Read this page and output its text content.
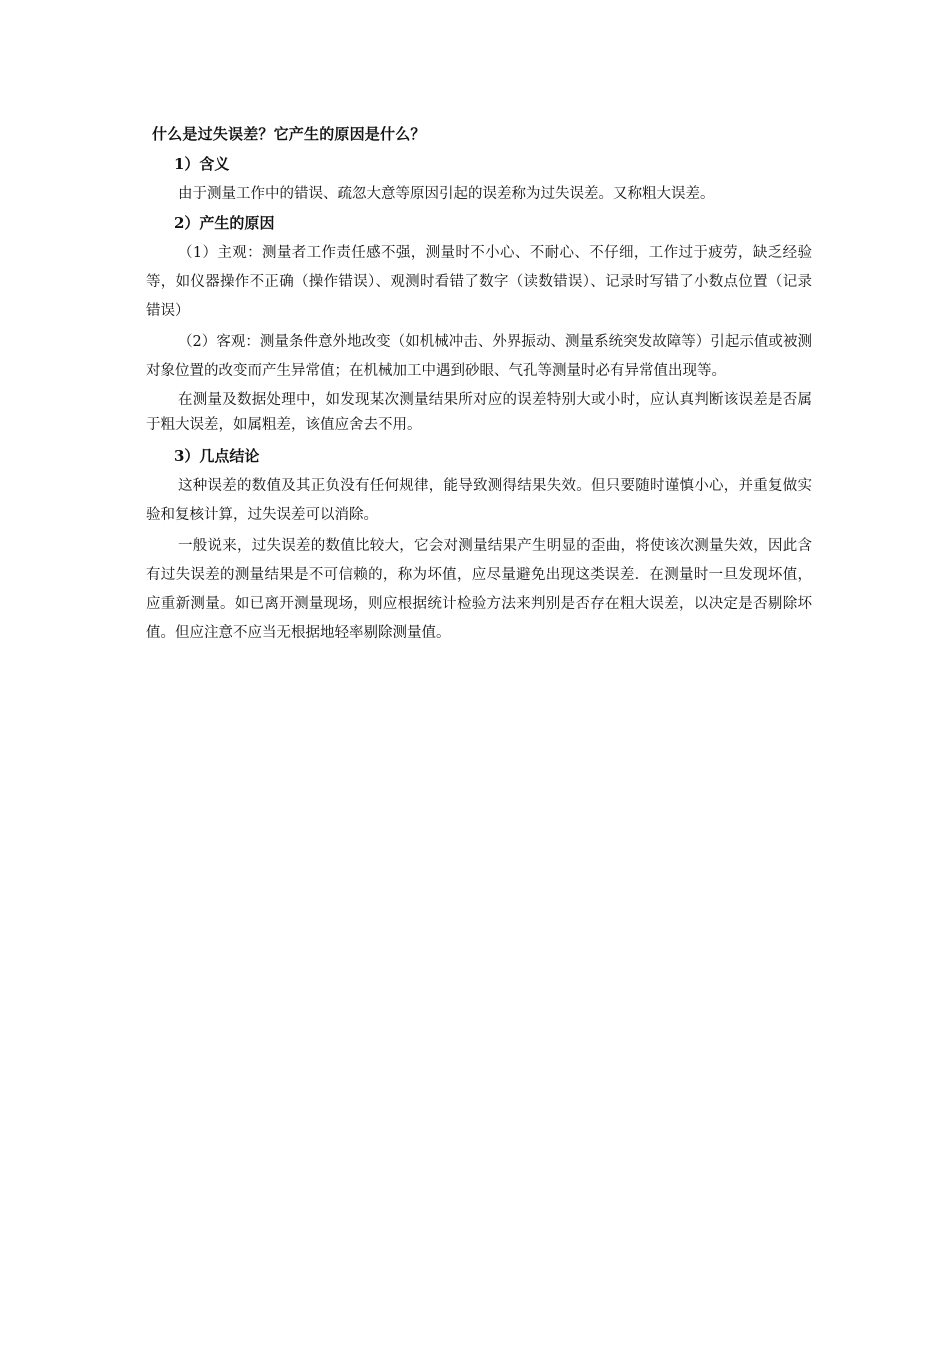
什么是过失误差？它产生的原因是什么？
1）含义

由于测量工作中的错误、疏忽大意等原因引起的误差称为过失误差。又称粗大误差。

2）产生的原因

（1）主观：测量者工作责任感不强，测量时不小心、不耐心、不仔细，工作过于疲劳，缺乏经验等，如仪器操作不正确（操作错误）、观测时看错了数字（读数错误）、记录时写错了小数点位置（记录错误）

（2）客观：测量条件意外地改变（如机械冲击、外界振动、测量系统突发故障等）引起示值或被测对象位置的改变而产生异常值；在机械加工中遇到砂眼、气孔等测量时必有异常值出现等。

在测量及数据处理中，如发现某次测量结果所对应的误差特别大或小时，应认真判断该误差是否属于粗大误差，如属粗差，该值应舍去不用。

3）几点结论

这种误差的数值及其正负没有任何规律，能导致测得结果失效。但只要随时谨慎小心，并重复做实验和复核计算，过失误差可以消除。

一般说来，过失误差的数值比较大，它会对测量结果产生明显的歪曲，将使该次测量失效，因此含有过失误差的测量结果是不可信赖的，称为坏值，应尽量避免出现这类误差．在测量时一旦发现坏值，应重新测量。如已离开测量现场，则应根据统计检验方法来判别是否存在粗大误差，以决定是否剔除坏值。但应注意不应当无根据地轻率剔除测量值。
